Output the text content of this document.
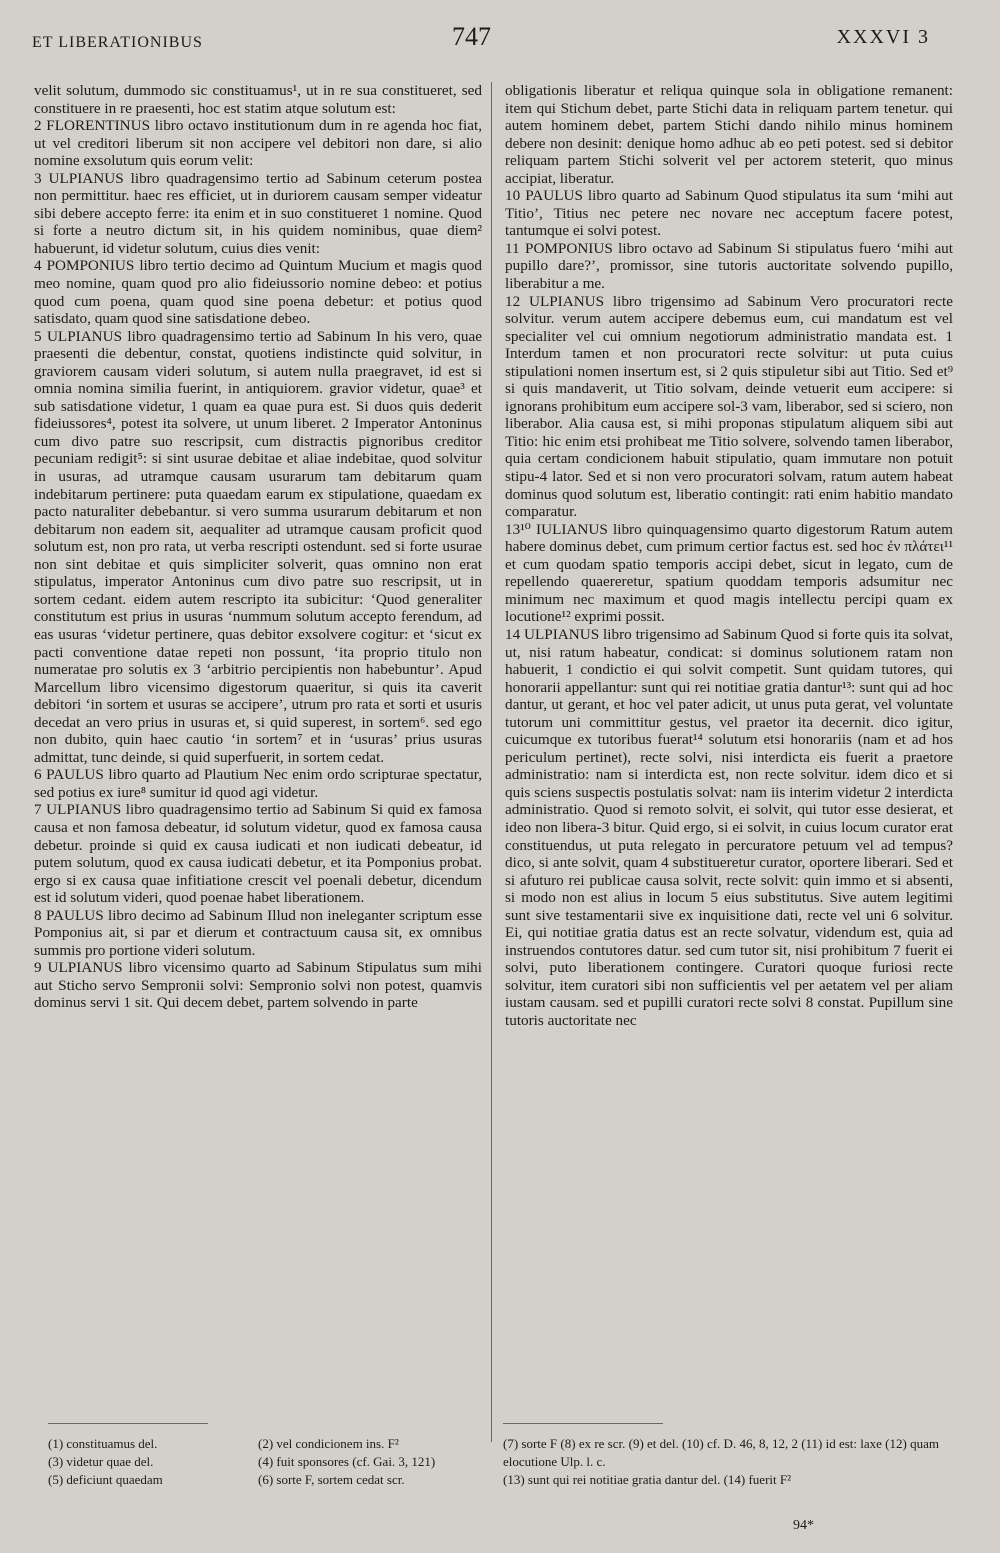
ET LIBERATIONIBUS	747	XXXVI 3

velit solutum, dummodo sic constituamus¹, ut in re sua constitueret, sed constituere in re praesenti, hoc est statim atque solutum est:

2 FLORENTINUS libro octavo institutionum dum in re agenda hoc fiat, ut vel creditori liberum sit non accipere vel debitori non dare, si alio nomine exsolutum quis eorum velit:

3 ULPIANUS libro quadragensimo tertio ad Sabinum ceterum postea non permittitur. haec res efficiet, ut in duriorem causam semper videatur sibi debere accepto ferre: ita enim et in suo constitueret 1 nomine. Quod si forte a neutro dictum sit, in his quidem nominibus, quae diem² habuerunt, id videtur solutum, cuius dies venit:

4 POMPONIUS libro tertio decimo ad Quintum Mucium et magis quod meo nomine, quam quod pro alio fideiussorio nomine debeo: et potius quod cum poena, quam quod sine poena debetur: et potius quod satisdato, quam quod sine satisdatione debeo.

5 ULPIANUS libro quadragensimo tertio ad Sabinum In his vero, quae praesenti die debentur, constat, quotiens indistincte quid solvitur, in graviorem causam videri solutum, si autem nulla praegravet, id est si omnia nomina similia fuerint, in antiquiorem. gravior videtur, quae³ et sub satisdatione videtur, 1 quam ea quae pura est. Si duos quis dederit fideiussores⁴, potest ita solvere, ut unum liberet. 2 Imperator Antoninus cum divo patre suo rescripsit, cum distractis pignoribus creditor pecuniam redigit⁵: si sint usurae debitae et aliae indebitae, quod solvitur in usuras, ad utramque causam usurarum tam debitarum quam indebitarum pertinere: puta quaedam earum ex stipulatione, quaedam ex pacto naturaliter debebantur. si vero summa usurarum debitarum et non debitarum non eadem sit, aequaliter ad utramque causam proficit quod solutum est, non pro rata, ut verba rescripti ostendunt. sed si forte usurae non sint debitae et quis simpliciter solverit, quas omnino non erat stipulatus, imperator Antoninus cum divo patre suo rescripsit, ut in sortem cedant. eidem autem rescripto ita subicitur: ‘Quod generaliter constitutum est prius in usuras ‘nummum solutum accepto ferendum, ad eas usuras ‘videtur pertinere, quas debitor exsolvere cogitur: et ‘sicut ex pacti conventione datae repeti non possunt, ‘ita proprio titulo non numeratae pro solutis ex 3 ‘arbitrio percipientis non habebuntur’. Apud Marcellum libro vicensimo digestorum quaeritur, si quis ita caverit debitori ‘in sortem et usuras se accipere’, utrum pro rata et sorti et usuris decedat an vero prius in usuras et, si quid superest, in sortem⁶. sed ego non dubito, quin haec cautio ‘in sortem⁷ et in ‘usuras’ prius usuras admittat, tunc deinde, si quid superfuerit, in sortem cedat.

6 PAULUS libro quarto ad Plautium Nec enim ordo scripturae spectatur, sed potius ex iure⁸ sumitur id quod agi videtur.

7 ULPIANUS libro quadragensimo tertio ad Sabinum Si quid ex famosa causa et non famosa debeatur, id solutum videtur, quod ex famosa causa debetur. proinde si quid ex causa iudicati et non iudicati debeatur, id putem solutum, quod ex causa iudicati debetur, et ita Pomponius probat. ergo si ex causa quae infitiatione crescit vel poenali debetur, dicendum est id solutum videri, quod poenae habet liberationem.

8 PAULUS libro decimo ad Sabinum Illud non ineleganter scriptum esse Pomponius ait, si par et dierum et contractuum causa sit, ex omnibus summis pro portione videri solutum.

9 ULPIANUS libro vicensimo quarto ad Sabinum Stipulatus sum mihi aut Sticho servo Sempronii solvi: Sempronio solvi non potest, quamvis dominus servi 1 sit. Qui decem debet, partem solvendo in parte

obligationis liberatur et reliqua quinque sola in obligatione remanent: item qui Stichum debet, parte Stichi data in reliquam partem tenetur. qui autem hominem debet, partem Stichi dando nihilo minus hominem debere non desinit: denique homo adhuc ab eo peti potest. sed si debitor reliquam partem Stichi solverit vel per actorem steterit, quo minus accipiat, liberatur.

10 PAULUS libro quarto ad Sabinum Quod stipulatus ita sum ‘mihi aut Titio’, Titius nec petere nec novare nec acceptum facere potest, tantumque ei solvi potest.

11 POMPONIUS libro octavo ad Sabinum Si stipulatus fuero ‘mihi aut pupillo dare?’, promissor, sine tutoris auctoritate solvendo pupillo, liberabitur a me.

12 ULPIANUS libro trigensimo ad Sabinum Vero procuratori recte solvitur. verum autem accipere debemus eum, cui mandatum est vel specialiter vel cui omnium negotiorum administratio mandata est. 1 Interdum tamen et non procuratori recte solvitur: ut puta cuius stipulationi nomen insertum est, si 2 quis stipuletur sibi aut Titio. Sed et⁹ si quis mandaverit, ut Titio solvam, deinde vetuerit eum accipere: si ignorans prohibitum eum accipere sol-3 vam, liberabor, sed si sciero, non liberabor. Alia causa est, si mihi proponas stipulatum aliquem sibi aut Titio: hic enim etsi prohibeat me Titio solvere, solvendo tamen liberabor, quia certam condicionem habuit stipulatio, quam immutare non potuit stipu-4 lator. Sed et si non vero procuratori solvam, ratum autem habeat dominus quod solutum est, liberatio contingit: rati enim habitio mandato comparatur.

13¹⁰ IULIANUS libro quinquagensimo quarto digestorum Ratum autem habere dominus debet, cum primum certior factus est. sed hoc ἐν πλάτει¹¹ et cum quodam spatio temporis accipi debet, sicut in legato, cum de repellendo quaereretur, spatium quoddam temporis adsumitur nec minimum nec maximum et quod magis intellectu percipi quam ex locutione¹² exprimi possit.

14 ULPIANUS libro trigensimo ad Sabinum Quod si forte quis ita solvat, ut, nisi ratum habeatur, condicat: si dominus solutionem ratam non habuerit, 1 condictio ei qui solvit competit. Sunt quidam tutores, qui honorarii appellantur: sunt qui rei notitiae gratia dantur¹³: sunt qui ad hoc dantur, ut gerant, et hoc vel pater adicit, ut unus puta gerat, vel voluntate tutorum uni committitur gestus, vel praetor ita decernit. dico igitur, cuicumque ex tutoribus fuerat¹⁴ solutum etsi honorariis (nam et ad hos periculum pertinet), recte solvi, nisi interdicta eis fuerit a praetore administratio: nam si interdicta est, non recte solvitur. idem dico et si quis sciens suspectis postulatis solvat: nam iis interim videtur 2 interdicta administratio. Quod si remoto solvit, ei solvit, qui tutor esse desierat, et ideo non libera-3 bitur. Quid ergo, si ei solvit, in cuius locum curator erat constituendus, ut puta relegato in percuratore petuum vel ad tempus? dico, si ante solvit, quam 4 substitueretur curator, oportere liberari. Sed et si afuturo rei publicae causa solvit, recte solvit: quin immo et si absenti, si modo non est alius in locum 5 eius substitutus. Sive autem legitimi sunt sive testamentarii sive ex inquisitione dati, recte vel uni 6 solvitur. Ei, qui notitiae gratia datus est an recte solvatur, videndum est, quia ad instruendos contutores datur. sed cum tutor sit, nisi prohibitum 7 fuerit ei solvi, puto liberationem contingere. Curatori quoque furiosi recte solvitur, item curatori sibi non sufficientis vel per aetatem vel per aliam iustam causam. sed et pupilli curatori recte solvi 8 constat. Pupillum sine tutoris auctoritate nec

(1) constituamus del.	(2) vel condicionem ins. F²
(3) videtur quae del.	(4) fuit sponsores (cf. Gai. 3, 121)
(5) deficiunt quaedam	(6) sorte F, sortem cedat scr.
(7) sorte F (8) ex re scr. (9) et del. (10) cf. D. 46, 8, 12, 2 (11) id est: laxe (12) quam elocutione Ulp. l. c.
(13) sunt qui rei notitiae gratia dantur del. (14) fuerit F²
94*
